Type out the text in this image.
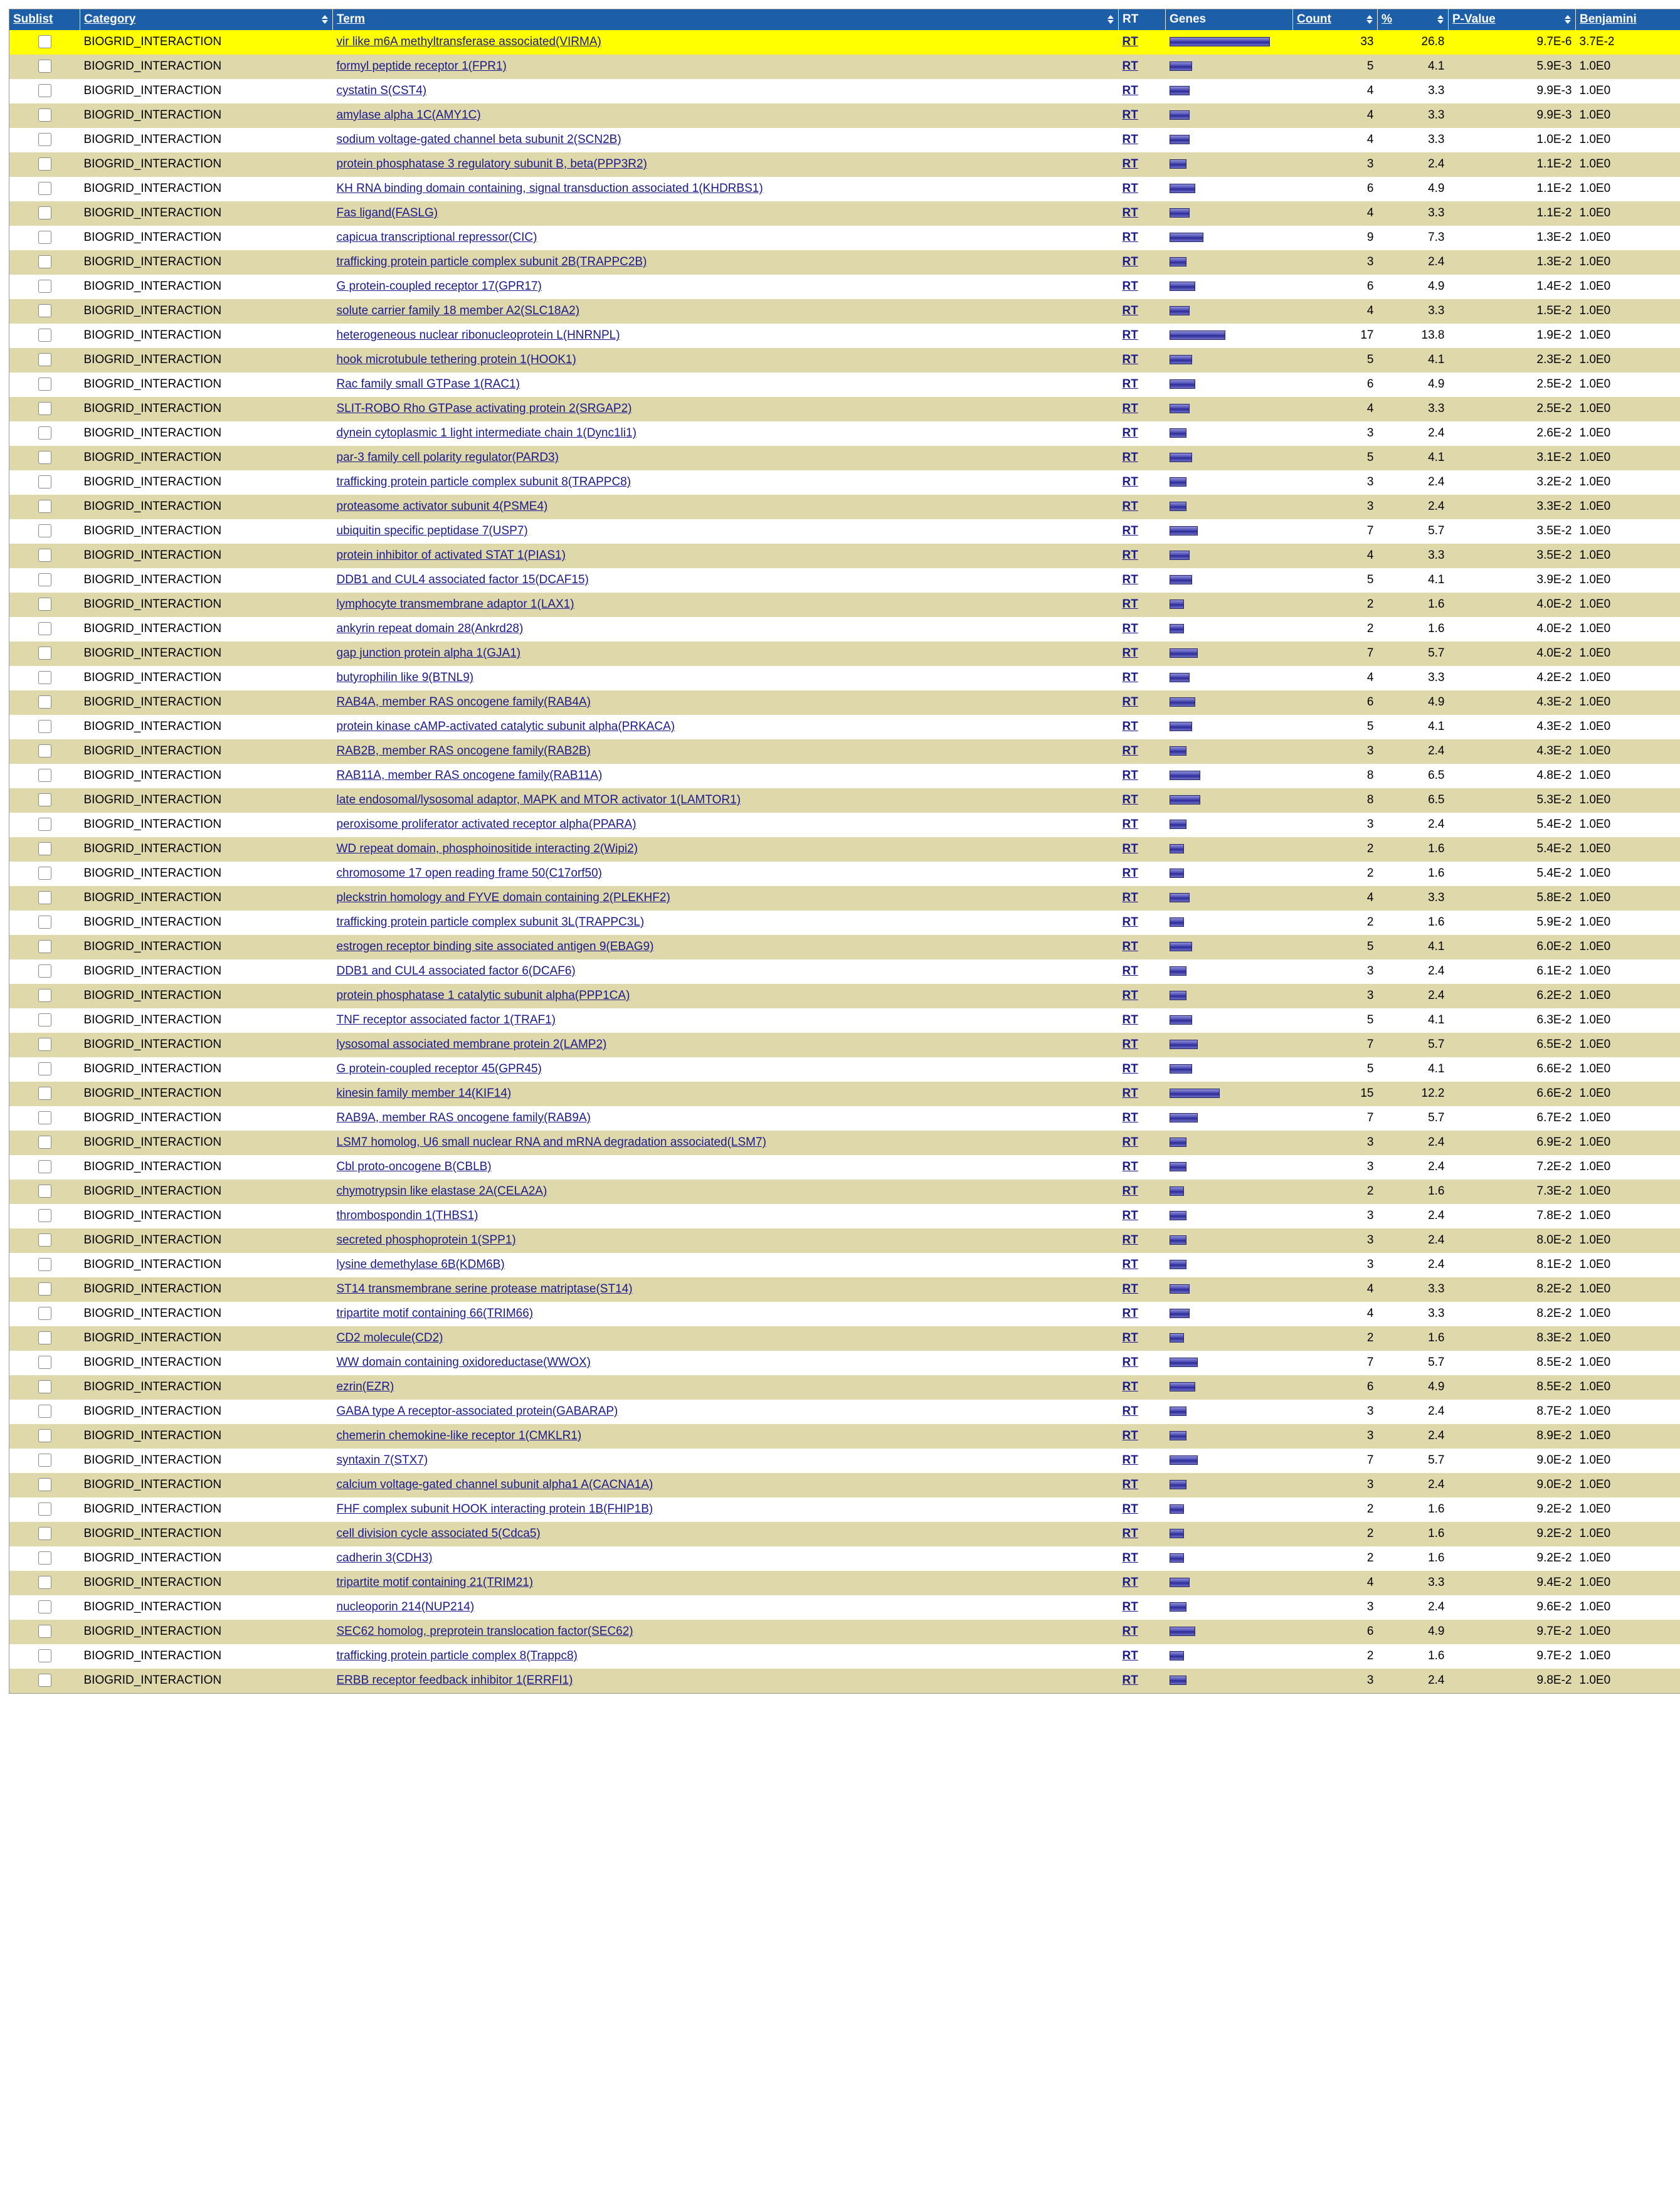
Sublist	Category	Term	RT	Genes	Count	%	P-Value	Benjamini

	BIOGRID_INTERACTION	vir like m6A methyltransferase associated(VIRMA)	RT		33	26.8	9.7E-6	3.7E-2
	BIOGRID_INTERACTION	formyl peptide receptor 1(FPR1)	RT		5	4.1	5.9E-3	1.0E0
	BIOGRID_INTERACTION	cystatin S(CST4)	RT		4	3.3	9.9E-3	1.0E0
	BIOGRID_INTERACTION	amylase alpha 1C(AMY1C)	RT		4	3.3	9.9E-3	1.0E0
	BIOGRID_INTERACTION	sodium voltage-gated channel beta subunit 2(SCN2B)	RT		4	3.3	1.0E-2	1.0E0
	BIOGRID_INTERACTION	protein phosphatase 3 regulatory subunit B, beta(PPP3R2)	RT		3	2.4	1.1E-2	1.0E0
	BIOGRID_INTERACTION	KH RNA binding domain containing, signal transduction associated 1(KHDRBS1)	RT		6	4.9	1.1E-2	1.0E0
	BIOGRID_INTERACTION	Fas ligand(FASLG)	RT		4	3.3	1.1E-2	1.0E0
	BIOGRID_INTERACTION	capicua transcriptional repressor(CIC)	RT		9	7.3	1.3E-2	1.0E0
	BIOGRID_INTERACTION	trafficking protein particle complex subunit 2B(TRAPPC2B)	RT		3	2.4	1.3E-2	1.0E0
	BIOGRID_INTERACTION	G protein-coupled receptor 17(GPR17)	RT		6	4.9	1.4E-2	1.0E0
	BIOGRID_INTERACTION	solute carrier family 18 member A2(SLC18A2)	RT		4	3.3	1.5E-2	1.0E0
	BIOGRID_INTERACTION	heterogeneous nuclear ribonucleoprotein L(HNRNPL)	RT		17	13.8	1.9E-2	1.0E0
	BIOGRID_INTERACTION	hook microtubule tethering protein 1(HOOK1)	RT		5	4.1	2.3E-2	1.0E0
	BIOGRID_INTERACTION	Rac family small GTPase 1(RAC1)	RT		6	4.9	2.5E-2	1.0E0
	BIOGRID_INTERACTION	SLIT-ROBO Rho GTPase activating protein 2(SRGAP2)	RT		4	3.3	2.5E-2	1.0E0
	BIOGRID_INTERACTION	dynein cytoplasmic 1 light intermediate chain 1(Dync1li1)	RT		3	2.4	2.6E-2	1.0E0
	BIOGRID_INTERACTION	par-3 family cell polarity regulator(PARD3)	RT		5	4.1	3.1E-2	1.0E0
	BIOGRID_INTERACTION	trafficking protein particle complex subunit 8(TRAPPC8)	RT		3	2.4	3.2E-2	1.0E0
	BIOGRID_INTERACTION	proteasome activator subunit 4(PSME4)	RT		3	2.4	3.3E-2	1.0E0
	BIOGRID_INTERACTION	ubiquitin specific peptidase 7(USP7)	RT		7	5.7	3.5E-2	1.0E0
	BIOGRID_INTERACTION	protein inhibitor of activated STAT 1(PIAS1)	RT		4	3.3	3.5E-2	1.0E0
	BIOGRID_INTERACTION	DDB1 and CUL4 associated factor 15(DCAF15)	RT		5	4.1	3.9E-2	1.0E0
	BIOGRID_INTERACTION	lymphocyte transmembrane adaptor 1(LAX1)	RT		2	1.6	4.0E-2	1.0E0
	BIOGRID_INTERACTION	ankyrin repeat domain 28(Ankrd28)	RT		2	1.6	4.0E-2	1.0E0
	BIOGRID_INTERACTION	gap junction protein alpha 1(GJA1)	RT		7	5.7	4.0E-2	1.0E0
	BIOGRID_INTERACTION	butyrophilin like 9(BTNL9)	RT		4	3.3	4.2E-2	1.0E0
	BIOGRID_INTERACTION	RAB4A, member RAS oncogene family(RAB4A)	RT		6	4.9	4.3E-2	1.0E0
	BIOGRID_INTERACTION	protein kinase cAMP-activated catalytic subunit alpha(PRKACA)	RT		5	4.1	4.3E-2	1.0E0
	BIOGRID_INTERACTION	RAB2B, member RAS oncogene family(RAB2B)	RT		3	2.4	4.3E-2	1.0E0
	BIOGRID_INTERACTION	RAB11A, member RAS oncogene family(RAB11A)	RT		8	6.5	4.8E-2	1.0E0
	BIOGRID_INTERACTION	late endosomal/lysosomal adaptor, MAPK and MTOR activator 1(LAMTOR1)	RT		8	6.5	5.3E-2	1.0E0
	BIOGRID_INTERACTION	peroxisome proliferator activated receptor alpha(PPARA)	RT		3	2.4	5.4E-2	1.0E0
	BIOGRID_INTERACTION	WD repeat domain, phosphoinositide interacting 2(Wipi2)	RT		2	1.6	5.4E-2	1.0E0
	BIOGRID_INTERACTION	chromosome 17 open reading frame 50(C17orf50)	RT		2	1.6	5.4E-2	1.0E0
	BIOGRID_INTERACTION	pleckstrin homology and FYVE domain containing 2(PLEKHF2)	RT		4	3.3	5.8E-2	1.0E0
	BIOGRID_INTERACTION	trafficking protein particle complex subunit 3L(TRAPPC3L)	RT		2	1.6	5.9E-2	1.0E0
	BIOGRID_INTERACTION	estrogen receptor binding site associated antigen 9(EBAG9)	RT		5	4.1	6.0E-2	1.0E0
	BIOGRID_INTERACTION	DDB1 and CUL4 associated factor 6(DCAF6)	RT		3	2.4	6.1E-2	1.0E0
	BIOGRID_INTERACTION	protein phosphatase 1 catalytic subunit alpha(PPP1CA)	RT		3	2.4	6.2E-2	1.0E0
	BIOGRID_INTERACTION	TNF receptor associated factor 1(TRAF1)	RT		5	4.1	6.3E-2	1.0E0
	BIOGRID_INTERACTION	lysosomal associated membrane protein 2(LAMP2)	RT		7	5.7	6.5E-2	1.0E0
	BIOGRID_INTERACTION	G protein-coupled receptor 45(GPR45)	RT		5	4.1	6.6E-2	1.0E0
	BIOGRID_INTERACTION	kinesin family member 14(KIF14)	RT		15	12.2	6.6E-2	1.0E0
	BIOGRID_INTERACTION	RAB9A, member RAS oncogene family(RAB9A)	RT		7	5.7	6.7E-2	1.0E0
	BIOGRID_INTERACTION	LSM7 homolog, U6 small nuclear RNA and mRNA degradation associated(LSM7)	RT		3	2.4	6.9E-2	1.0E0
	BIOGRID_INTERACTION	Cbl proto-oncogene B(CBLB)	RT		3	2.4	7.2E-2	1.0E0
	BIOGRID_INTERACTION	chymotrypsin like elastase 2A(CELA2A)	RT		2	1.6	7.3E-2	1.0E0
	BIOGRID_INTERACTION	thrombospondin 1(THBS1)	RT		3	2.4	7.8E-2	1.0E0
	BIOGRID_INTERACTION	secreted phosphoprotein 1(SPP1)	RT		3	2.4	8.0E-2	1.0E0
	BIOGRID_INTERACTION	lysine demethylase 6B(KDM6B)	RT		3	2.4	8.1E-2	1.0E0
	BIOGRID_INTERACTION	ST14 transmembrane serine protease matriptase(ST14)	RT		4	3.3	8.2E-2	1.0E0
	BIOGRID_INTERACTION	tripartite motif containing 66(TRIM66)	RT		4	3.3	8.2E-2	1.0E0
	BIOGRID_INTERACTION	CD2 molecule(CD2)	RT		2	1.6	8.3E-2	1.0E0
	BIOGRID_INTERACTION	WW domain containing oxidoreductase(WWOX)	RT		7	5.7	8.5E-2	1.0E0
	BIOGRID_INTERACTION	ezrin(EZR)	RT		6	4.9	8.5E-2	1.0E0
	BIOGRID_INTERACTION	GABA type A receptor-associated protein(GABARAP)	RT		3	2.4	8.7E-2	1.0E0
	BIOGRID_INTERACTION	chemerin chemokine-like receptor 1(CMKLR1)	RT		3	2.4	8.9E-2	1.0E0
	BIOGRID_INTERACTION	syntaxin 7(STX7)	RT		7	5.7	9.0E-2	1.0E0
	BIOGRID_INTERACTION	calcium voltage-gated channel subunit alpha1 A(CACNA1A)	RT		3	2.4	9.0E-2	1.0E0
	BIOGRID_INTERACTION	FHF complex subunit HOOK interacting protein 1B(FHIP1B)	RT		2	1.6	9.2E-2	1.0E0
	BIOGRID_INTERACTION	cell division cycle associated 5(Cdca5)	RT		2	1.6	9.2E-2	1.0E0
	BIOGRID_INTERACTION	cadherin 3(CDH3)	RT		2	1.6	9.2E-2	1.0E0
	BIOGRID_INTERACTION	tripartite motif containing 21(TRIM21)	RT		4	3.3	9.4E-2	1.0E0
	BIOGRID_INTERACTION	nucleoporin 214(NUP214)	RT		3	2.4	9.6E-2	1.0E0
	BIOGRID_INTERACTION	SEC62 homolog, preprotein translocation factor(SEC62)	RT		6	4.9	9.7E-2	1.0E0
	BIOGRID_INTERACTION	trafficking protein particle complex 8(Trappc8)	RT		2	1.6	9.7E-2	1.0E0
	BIOGRID_INTERACTION	ERBB receptor feedback inhibitor 1(ERRFI1)	RT		3	2.4	9.8E-2	1.0E0
